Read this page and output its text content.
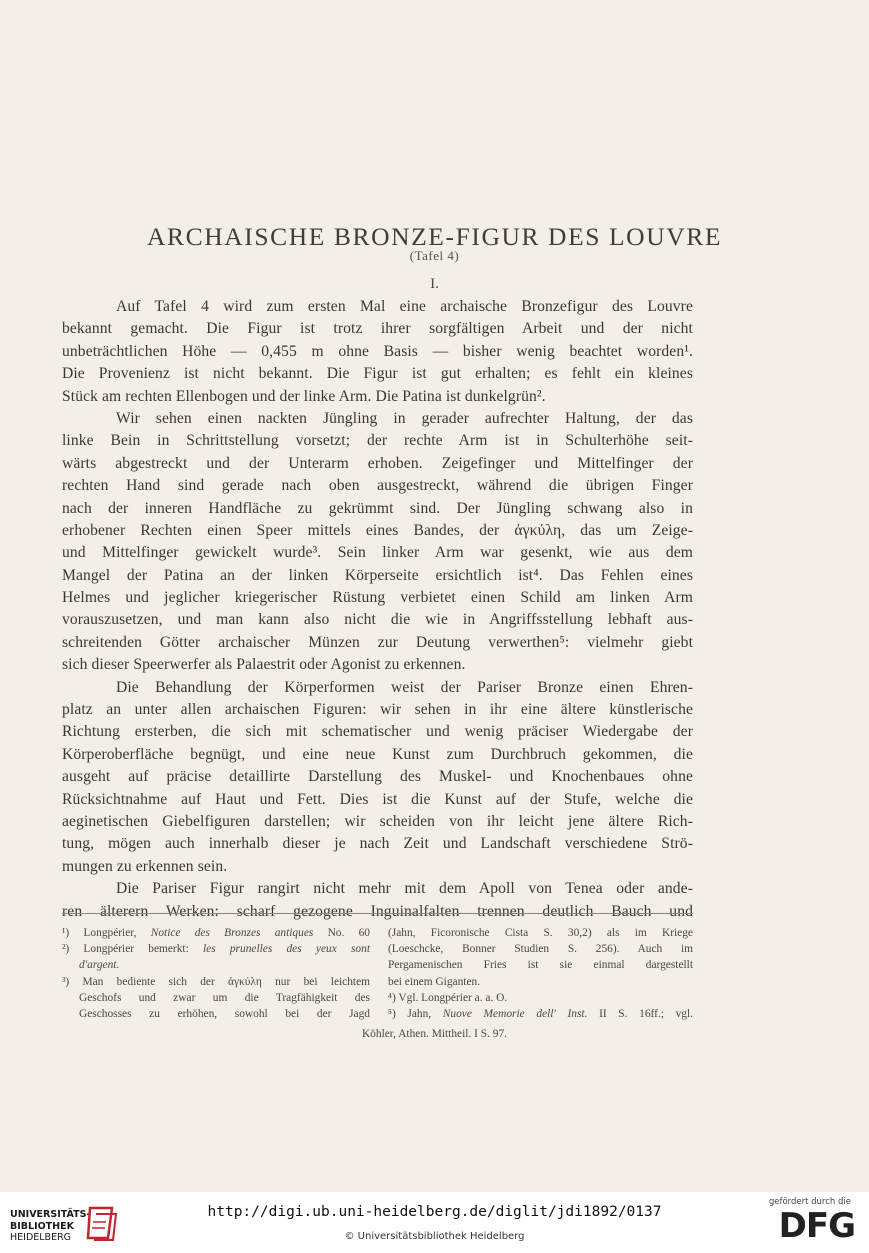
ARCHAISCHE BRONZE-FIGUR DES LOUVRE
(Tafel 4)
I.
Auf Tafel 4 wird zum ersten Mal eine archaische Bronzefigur des Louvre
bekannt gemacht. Die Figur ist trotz ihrer sorgfältigen Arbeit und der nicht
unbeträchtlichen Höhe — 0,455 m ohne Basis — bisher wenig beachtet worden¹.
Die Provenienz ist nicht bekannt. Die Figur ist gut erhalten; es fehlt ein kleines
Stück am rechten Ellenbogen und der linke Arm. Die Patina ist dunkelgrün².
Wir sehen einen nackten Jüngling in gerader aufrechter Haltung, der das
linke Bein in Schrittstellung vorsetzt; der rechte Arm ist in Schulterhöhe seit-
wärts abgestreckt und der Unterarm erhoben. Zeigefinger und Mittelfinger der
rechten Hand sind gerade nach oben ausgestreckt, während die übrigen Finger
nach der inneren Handfläche zu gekrümmt sind. Der Jüngling schwang also in
erhobener Rechten einen Speer mittels eines Bandes, der ἀγκύλη, das um Zeige-
und Mittelfinger gewickelt wurde³. Sein linker Arm war gesenkt, wie aus dem
Mangel der Patina an der linken Körperseite ersichtlich ist⁴. Das Fehlen eines
Helmes und jeglicher kriegerischer Rüstung verbietet einen Schild am linken Arm
vorauszusetzen, und man kann also nicht die wie in Angriffsstellung lebhaft aus-
schreitenden Götter archaischer Münzen zur Deutung verwerthen⁵: vielmehr giebt
sich dieser Speerwerfer als Palaestrit oder Agonist zu erkennen.
Die Behandlung der Körperformen weist der Pariser Bronze einen Ehren-
platz an unter allen archaischen Figuren: wir sehen in ihr eine ältere künstlerische
Richtung ersterben, die sich mit schematischer und wenig präciser Wiedergabe der
Körperoberfläche begnügt, und eine neue Kunst zum Durchbruch gekommen, die
ausgeht auf präcise detaillirte Darstellung des Muskel- und Knochenbaues ohne
Rücksichtnahme auf Haut und Fett. Dies ist die Kunst auf der Stufe, welche die
aeginetischen Giebelfiguren darstellen; wir scheiden von ihr leicht jene ältere Rich-
tung, mögen auch innerhalb dieser je nach Zeit und Landschaft verschiedene Strö-
mungen zu erkennen sein.
Die Pariser Figur rangirt nicht mehr mit dem Apoll von Tenea oder ande-
ren älterern Werken: scharf gezogene Inguinalfalten trennen deutlich Bauch und
¹) Longpérier, Notice des Bronzes antiques No. 60
²) Longpérier bemerkt: les prunelles des yeux sont
d'argent.
³) Man bediente sich der ἀγκύλη nur bei leichtem
Geschofs und zwar um die Tragfähigkeit des
Geschosses zu erhöhen, sowohl bei der Jagd
(Jahn, Ficoronische Cista S. 30,2) als im Kriege
(Loeschcke, Bonner Studien S. 256). Auch im
Pergamenischen Fries ist sie einmal dargestellt
bei einem Giganten.
⁴) Vgl. Longpérier a. a. O.
⁵) Jahn, Nuove Memorie dell' Inst. II S. 16ff.; vgl.
Köhler, Athen. Mittheil. I S. 97.
UNIVERSITÄTS-
BIBLIOTHEK
HEIDELBERG
http://digi.ub.uni-heidelberg.de/diglit/jdi1892/0137
© Universitätsbibliothek Heidelberg
gefördert durch die
DFG
